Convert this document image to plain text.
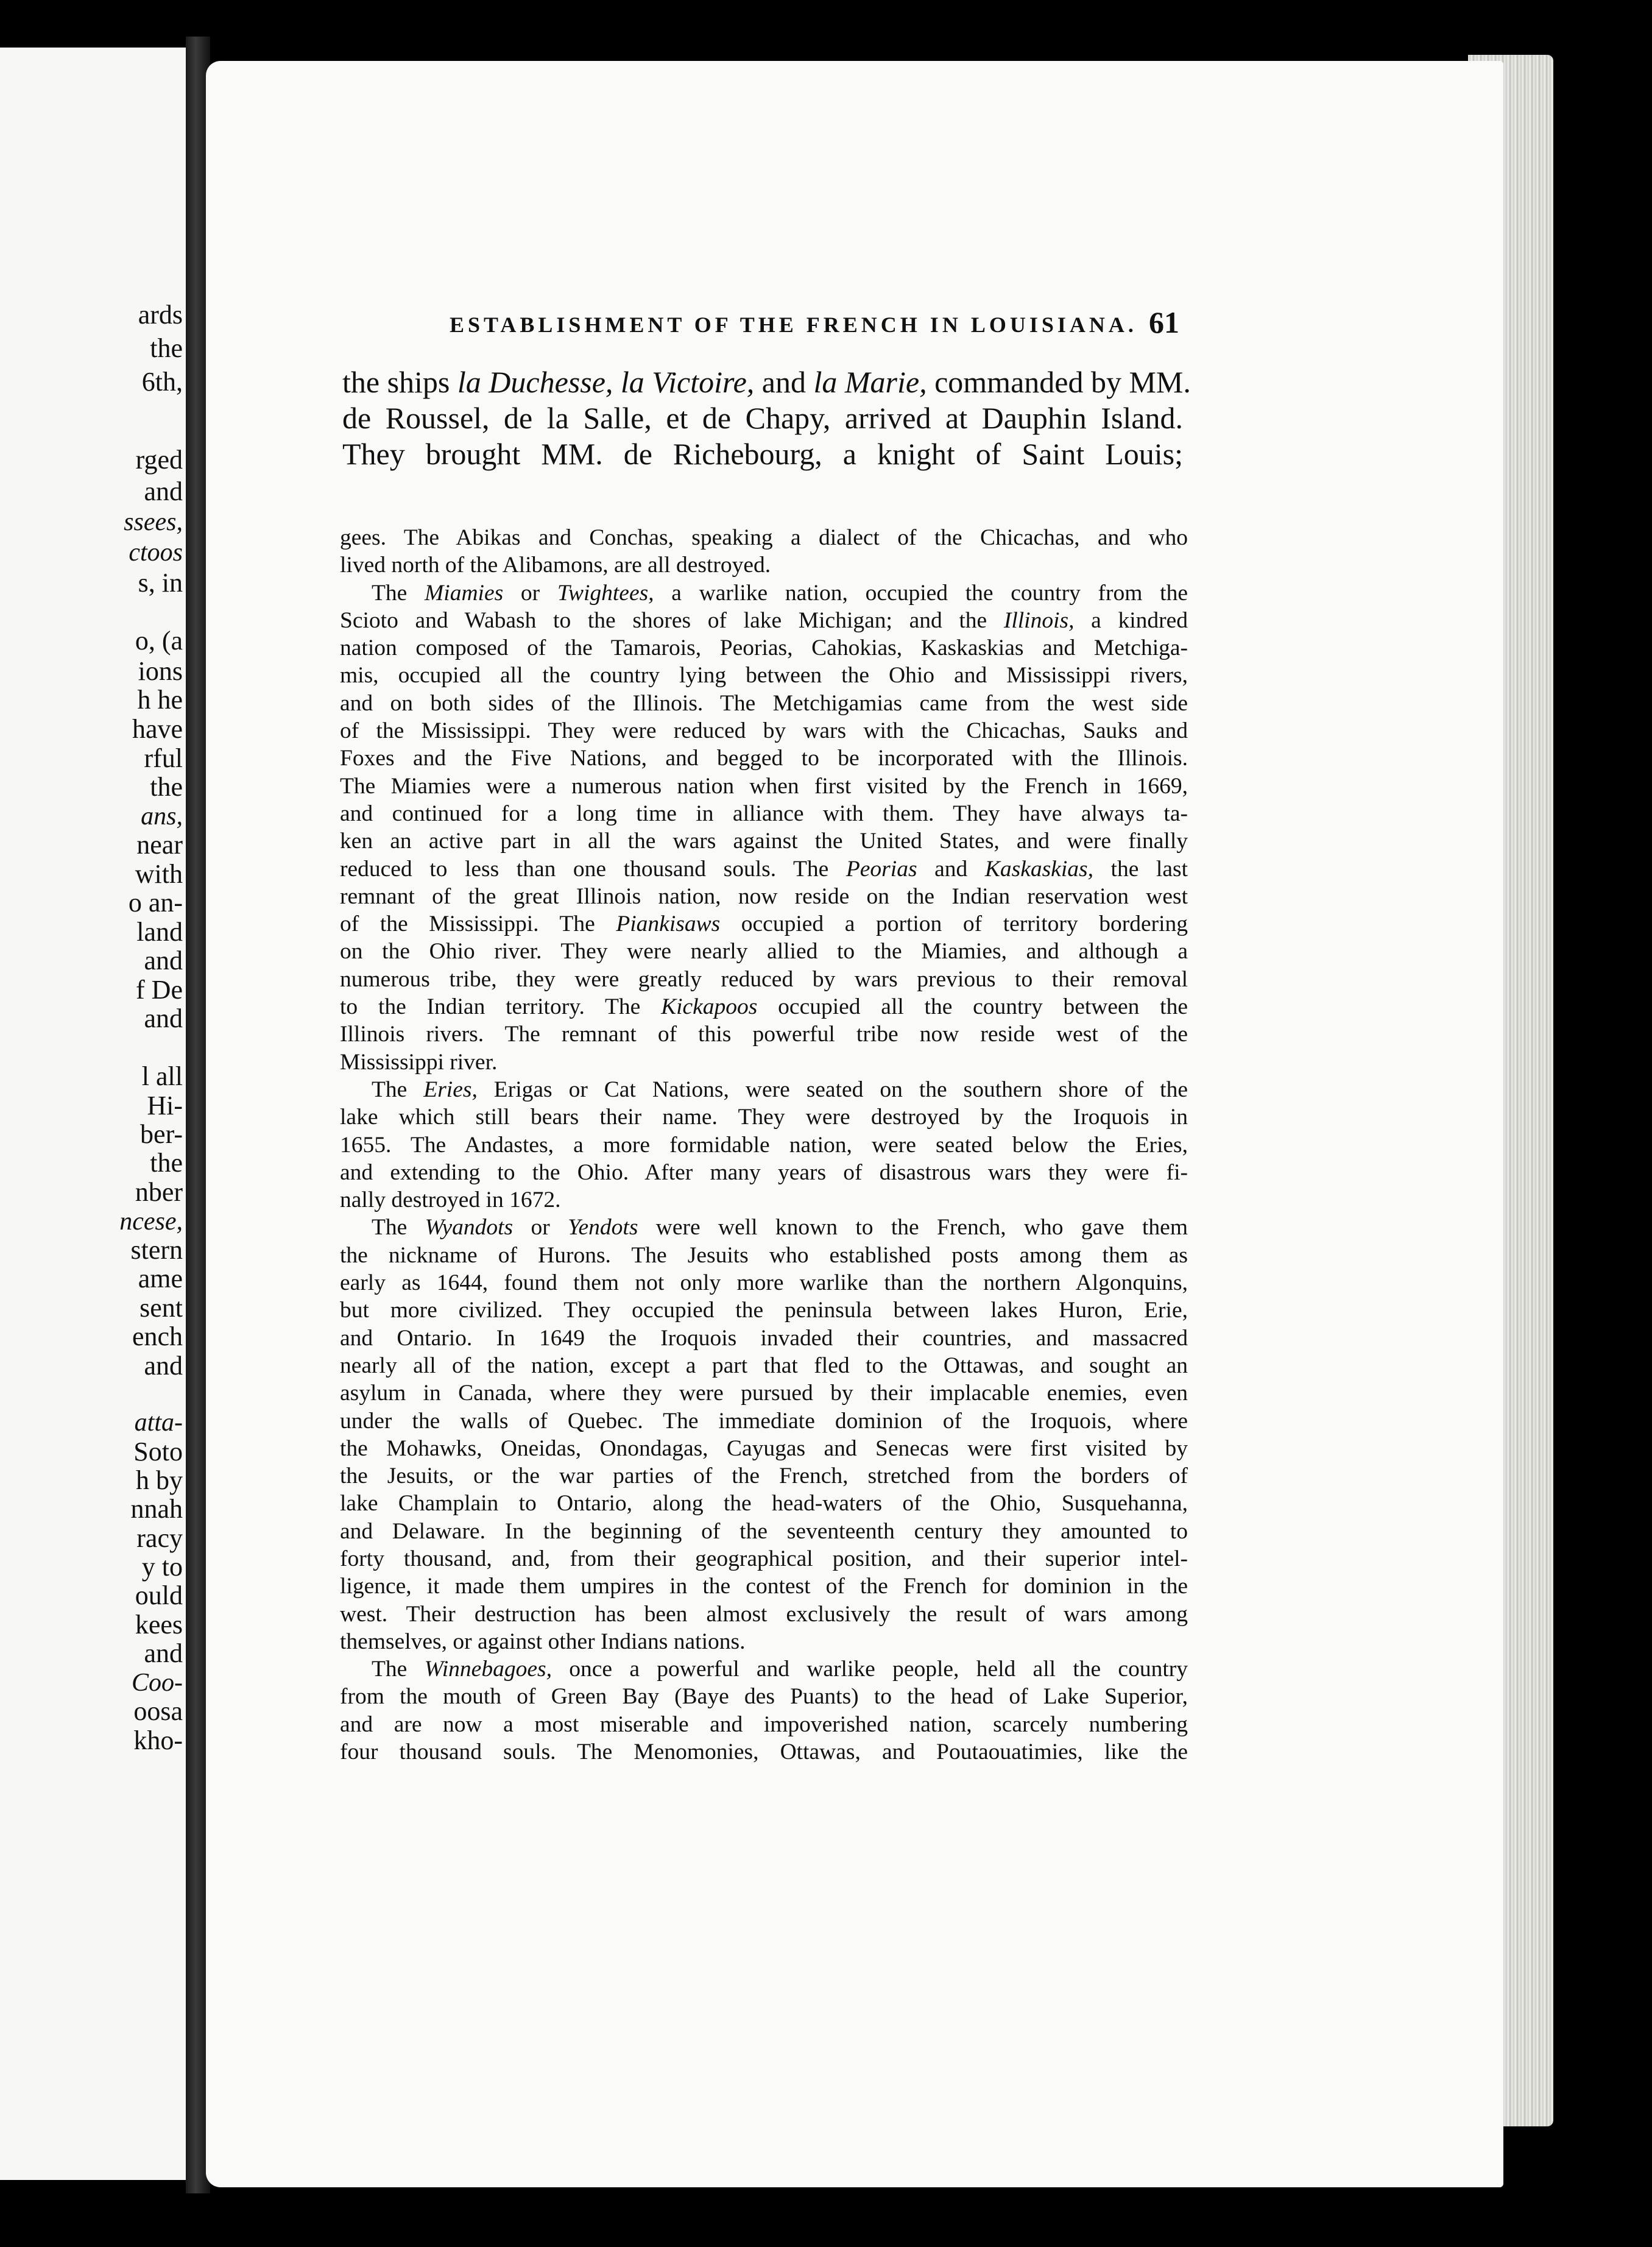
ards
the
6th,
rged
and
ssees,
ctoos
s, in
o, (a
ions
h he
have
rful
the
ans,
near
with
o an-
land
and
f De
and
l all
Hi-
ber-
the
nber
ncese,
stern
ame
sent
ench
and
atta-
Soto
h by
nnah
racy
y to
ould
kees
and
Coo-
oosa
kho-
ESTABLISHMENT OF THE FRENCH IN LOUISIANA. 61
the ships la Duchesse, la Victoire, and la Marie, commanded by MM.
de Roussel, de la Salle, et de Chapy, arrived at Dauphin Island.
They brought MM. de Richebourg, a knight of Saint Louis;
gees. The Abikas and Conchas, speaking a dialect of the Chicachas, and who
lived north of the Alibamons, are all destroyed.
The Miamies or Twightees, a warlike nation, occupied the country from the
Scioto and Wabash to the shores of lake Michigan; and the Illinois, a kindred
nation composed of the Tamarois, Peorias, Cahokias, Kaskaskias and Metchiga-
mis, occupied all the country lying between the Ohio and Mississippi rivers,
and on both sides of the Illinois. The Metchigamias came from the west side
of the Mississippi. They were reduced by wars with the Chicachas, Sauks and
Foxes and the Five Nations, and begged to be incorporated with the Illinois.
The Miamies were a numerous nation when first visited by the French in 1669,
and continued for a long time in alliance with them. They have always ta-
ken an active part in all the wars against the United States, and were finally
reduced to less than one thousand souls. The Peorias and Kaskaskias, the last
remnant of the great Illinois nation, now reside on the Indian reservation west
of the Mississippi. The Piankisaws occupied a portion of territory bordering
on the Ohio river. They were nearly allied to the Miamies, and although a
numerous tribe, they were greatly reduced by wars previous to their removal
to the Indian territory. The Kickapoos occupied all the country between the
Illinois rivers. The remnant of this powerful tribe now reside west of the
Mississippi river.
The Eries, Erigas or Cat Nations, were seated on the southern shore of the
lake which still bears their name. They were destroyed by the Iroquois in
1655. The Andastes, a more formidable nation, were seated below the Eries,
and extending to the Ohio. After many years of disastrous wars they were fi-
nally destroyed in 1672.
The Wyandots or Yendots were well known to the French, who gave them
the nickname of Hurons. The Jesuits who established posts among them as
early as 1644, found them not only more warlike than the northern Algonquins,
but more civilized. They occupied the peninsula between lakes Huron, Erie,
and Ontario. In 1649 the Iroquois invaded their countries, and massacred
nearly all of the nation, except a part that fled to the Ottawas, and sought an
asylum in Canada, where they were pursued by their implacable enemies, even
under the walls of Quebec. The immediate dominion of the Iroquois, where
the Mohawks, Oneidas, Onondagas, Cayugas and Senecas were first visited by
the Jesuits, or the war parties of the French, stretched from the borders of
lake Champlain to Ontario, along the head-waters of the Ohio, Susquehanna,
and Delaware. In the beginning of the seventeenth century they amounted to
forty thousand, and, from their geographical position, and their superior intel-
ligence, it made them umpires in the contest of the French for dominion in the
west. Their destruction has been almost exclusively the result of wars among
themselves, or against other Indians nations.
The Winnebagoes, once a powerful and warlike people, held all the country
from the mouth of Green Bay (Baye des Puants) to the head of Lake Superior,
and are now a most miserable and impoverished nation, scarcely numbering
four thousand souls. The Menomonies, Ottawas, and Poutaouatimies, like the
